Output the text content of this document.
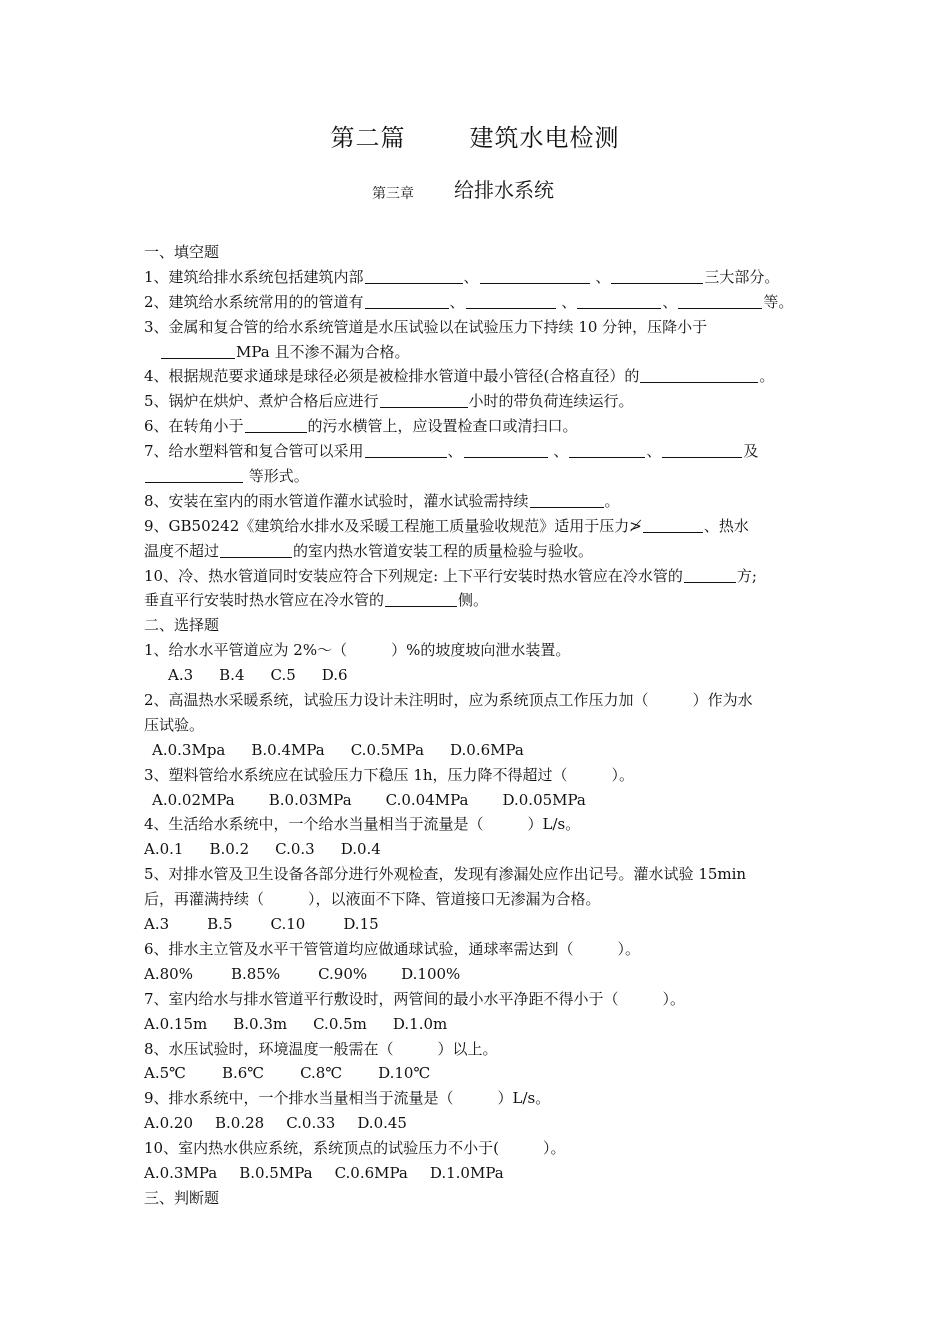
第二篇	建筑水电检测
第三章 给排水系统
一、填空题
1、建筑给排水系统包括建筑内部	、	、	三大部分。
2、建筑给水系统常用的的管道有	、	、	、	等。
3、金属和复合管的给水系统管道是水压试验以在试验压力下持续 10 分钟，压降小于
MPa 且不渗不漏为合格。
4、根据规范要求通球是球径必须是被检排水管道中最小管径(合格直径）的	。
5、锅炉在烘炉、煮炉合格后应进行	小时的带负荷连续运行。
6、在转角小于	的污水横管上，应设置检查口或清扫口。
7、给水塑料管和复合管可以采用	、	、	、	及
等形式。
8、安装在室内的雨水管道作灌水试验时，灌水试验需持续	。
9、GB50242《建筑给水排水及采暖工程施工质量验收规范》适用于压力≯	、热水
温度不超过	的室内热水管道安装工程的质量检验与验收。
10、冷、热水管道同时安装应符合下列规定: 上下平行安装时热水管应在冷水管的	方;
垂直平行安装时热水管应在冷水管的	侧。
二、选择题
1、给水水平管道应为 2%～（	）%的坡度坡向泄水装置。
A.3 B.4 C.5 D.6
2、高温热水采暖系统，试验压力设计未注明时，应为系统顶点工作压力加（	）作为水
压试验。
A.0.3Mpa B.0.4MPa C.0.5MPa D.0.6MPa
3、塑料管给水系统应在试验压力下稳压 1h，压力降不得超过（	）。
A.0.02MPa B.0.03MPa C.0.04MPa D.0.05MPa
4、生活给水系统中，一个给水当量相当于流量是（	）L/s。
A.0.1 B.0.2 C.0.3 D.0.4
5、对排水管及卫生设备各部分进行外观检查，发现有渗漏处应作出记号。灌水试验 15min
后，再灌满持续（	），以液面不下降、管道接口无渗漏为合格。
A.3	B.5	C.10	D.15
6、排水主立管及水平干管管道均应做通球试验，通球率需达到（	）。
A.80%	B.85%	C.90% D.100%
7、室内给水与排水管道平行敷设时，两管间的最小水平净距不得小于（	）。
A.0.15m B.0.3m C.0.5m D.1.0m
8、水压试验时，环境温度一般需在（	）以上。
A.5℃ B.6℃ C.8℃ D.10℃
9、排水系统中，一个排水当量相当于流量是（	）L/s。
A.0.20 B.0.28 C.0.33 D.0.45
10、室内热水供应系统，系统顶点的试验压力不小于(	）。
A.0.3MPa B.0.5MPa C.0.6MPa D.1.0MPa
三、判断题
